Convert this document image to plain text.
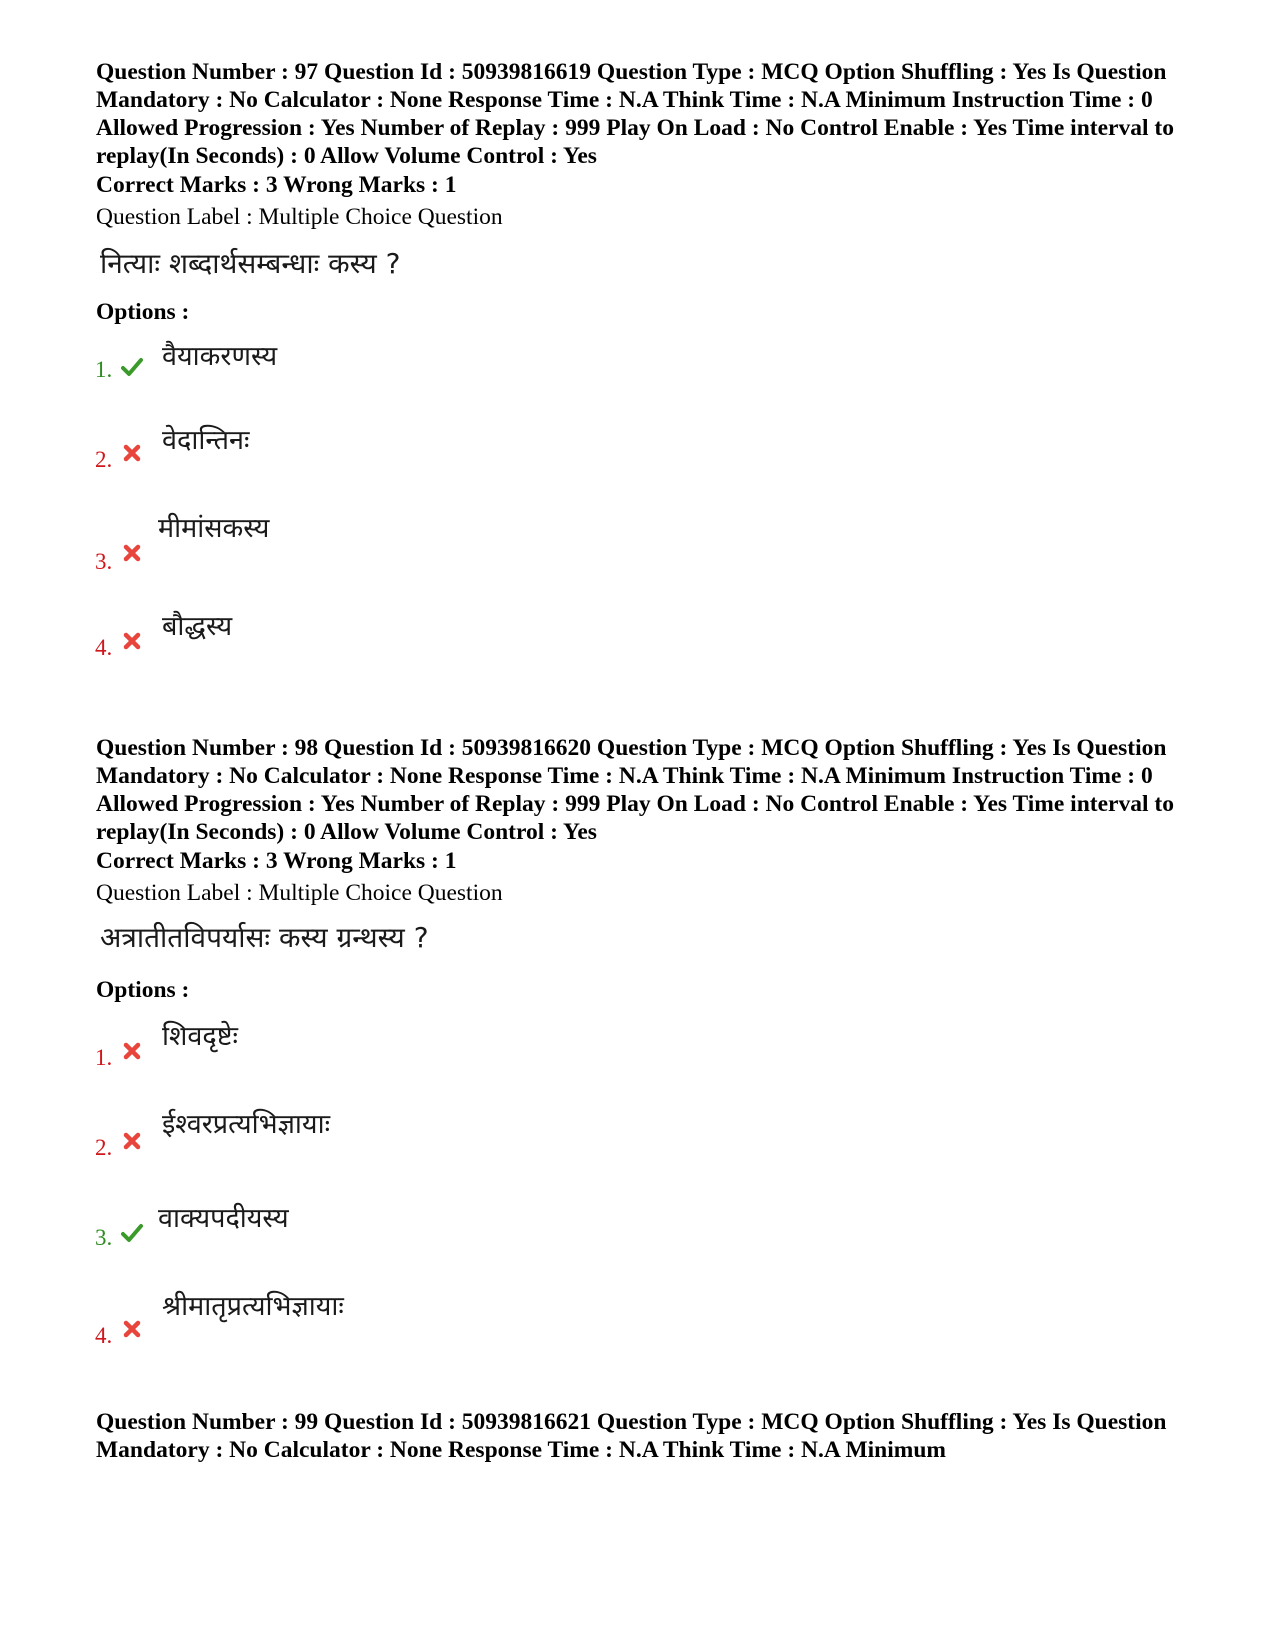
Question Number : 97 Question Id : 50939816619 Question Type : MCQ Option Shuffling : Yes Is Question Mandatory : No Calculator : None Response Time : N.A Think Time : N.A Minimum Instruction Time : 0 Allowed Progression : Yes Number of Replay : 999 Play On Load : No Control Enable : Yes Time interval to replay(In Seconds) : 0 Allow Volume Control : Yes

Correct Marks : 3 Wrong Marks : 1
Question Label : Multiple Choice Question
नित्याः शब्दार्थसम्बन्धाः कस्य ?
Options :
1. वैयाकरणस्य
2.
वेदान्तिनः
3.
मीमांसकस्य
4.
बौद्धस्य

Question Number : 98 Question Id : 50939816620 Question Type : MCQ Option Shuffling : Yes Is Question Mandatory : No Calculator : None Response Time : N.A Think Time : N.A Minimum Instruction Time : 0 Allowed Progression : Yes Number of Replay : 999 Play On Load : No Control Enable : Yes Time interval to replay(In Seconds) : 0 Allow Volume Control : Yes

Correct Marks : 3 Wrong Marks : 1
Question Label : Multiple Choice Question
अत्रातीतविपर्यासः कस्य ग्रन्थस्य ?
Options :
1.
शिवदृष्टेः
2.
ईश्वरप्रत्यभिज्ञायाः
3.
वाक्यपदीयस्य
4.
श्रीमातृप्रत्यभिज्ञायाः

Question Number : 99 Question Id : 50939816621 Question Type : MCQ Option Shuffling : Yes Is Question Mandatory : No Calculator : None Response Time : N.A Think Time : N.A Minimum
